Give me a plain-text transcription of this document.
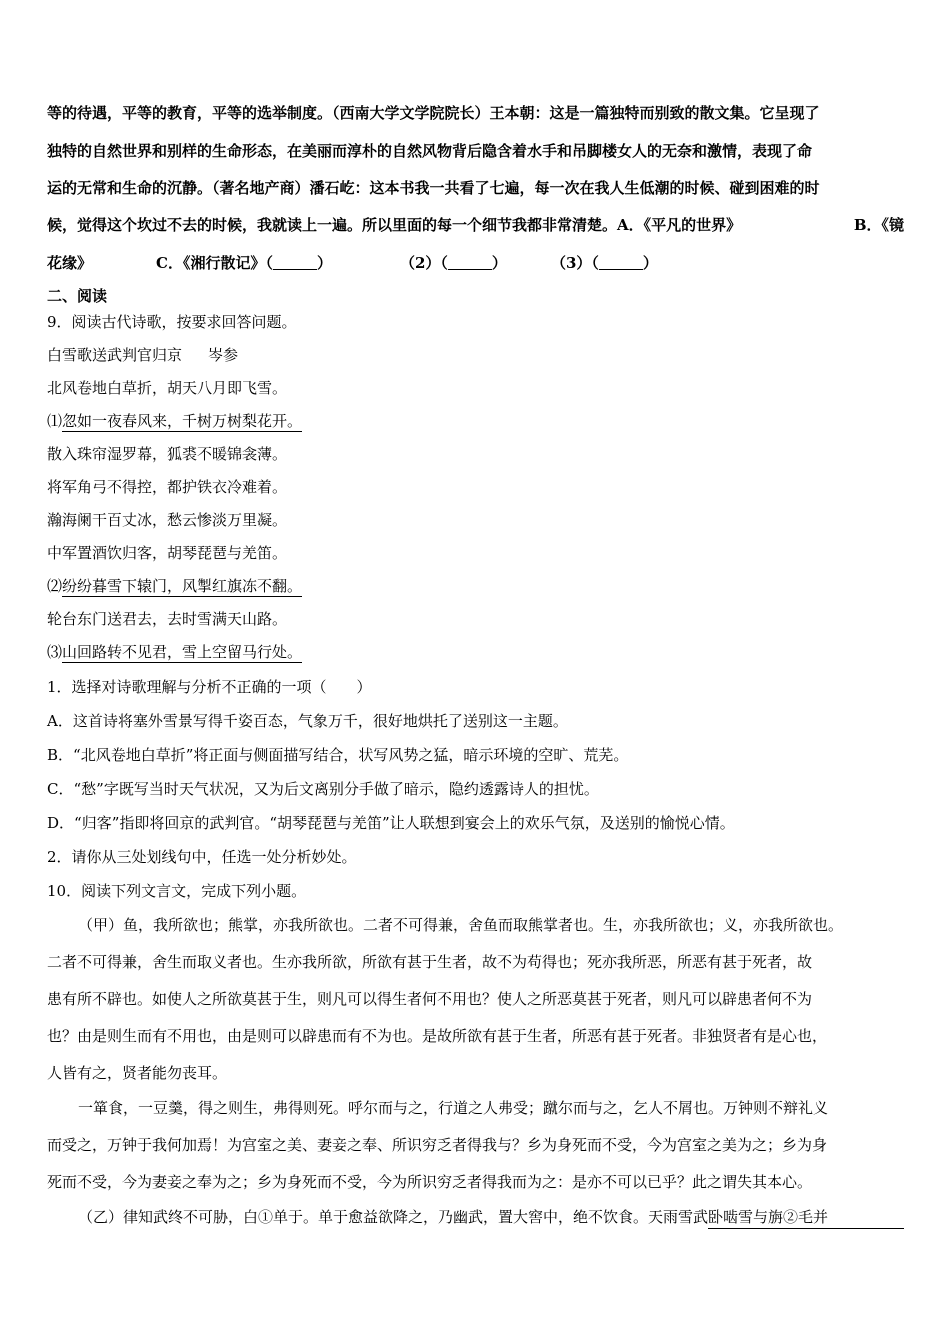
等的待遇，平等的教育，平等的选举制度。（西南大学文学院院长）王本朝：这是一篇独特而别致的散文集。它呈现了
独特的自然世界和别样的生命形态，在美丽而淳朴的自然风物背后隐含着水手和吊脚楼女人的无奈和激情，表现了命
运的无常和生命的沉静。（著名地产商）潘石屹：这本书我一共看了七遍，每一次在我人生低潮的时候、碰到困难的时
候，觉得这个坎过不去的时候，我就读上一遍。所以里面的每一个细节我都非常清楚。A．《平凡的世界》	B．《镜
花缘》	C．《湘行散记》（	）	（2）（	）	（3）（	）
二、阅读
9．阅读古代诗歌，按要求回答问题。
白雪歌送武判官归京 岑参
北风卷地白草折，胡天八月即飞雪。
⑴忽如一夜春风来，千树万树梨花开。
散入珠帘湿罗幕，狐裘不暖锦衾薄。
将军角弓不得控，都护铁衣冷难着。
瀚海阑干百丈冰，愁云惨淡万里凝。
中军置酒饮归客，胡琴琵琶与羌笛。
⑵纷纷暮雪下辕门，风掣红旗冻不翻。
轮台东门送君去，去时雪满天山路。
⑶山回路转不见君，雪上空留马行处。
1．选择对诗歌理解与分析不正确的一项（　　）
A．这首诗将塞外雪景写得千姿百态，气象万千，很好地烘托了送别这一主题。
B．“北风卷地白草折”将正面与侧面描写结合，状写风势之猛，暗示环境的空旷、荒芜。
C．“愁”字既写当时天气状况，又为后文离别分手做了暗示，隐约透露诗人的担忧。
D．“归客”指即将回京的武判官。“胡琴琵琶与羌笛”让人联想到宴会上的欢乐气氛，及送别的愉悦心情。
2．请你从三处划线句中，任选一处分析妙处。
10．阅读下列文言文，完成下列小题。
（甲）鱼，我所欲也；熊掌，亦我所欲也。二者不可得兼，舍鱼而取熊掌者也。生，亦我所欲也；义，亦我所欲也。
二者不可得兼，舍生而取义者也。生亦我所欲，所欲有甚于生者，故不为苟得也；死亦我所恶，所恶有甚于死者，故
患有所不辟也。如使人之所欲莫甚于生，则凡可以得生者何不用也？使人之所恶莫甚于死者，则凡可以辟患者何不为
也？由是则生而有不用也，由是则可以辟患而有不为也。是故所欲有甚于生者，所恶有甚于死者。非独贤者有是心也，
人皆有之，贤者能勿丧耳。
一箪食，一豆羹，得之则生，弗得则死。呼尔而与之，行道之人弗受；蹴尔而与之，乞人不屑也。万钟则不辩礼义
而受之，万钟于我何加焉！为宫室之美、妻妾之奉、所识穷乏者得我与？乡为身死而不受，今为宫室之美为之；乡为身
死而不受，今为妻妾之奉为之；乡为身死而不受，今为所识穷乏者得我而为之：是亦不可以已乎？此之谓失其本心。
（乙）律知武终不可胁，白①单于。单于愈益欲降之，乃幽武，置大窖中，绝不饮食。天雨雪武卧啮雪与旃②毛并
